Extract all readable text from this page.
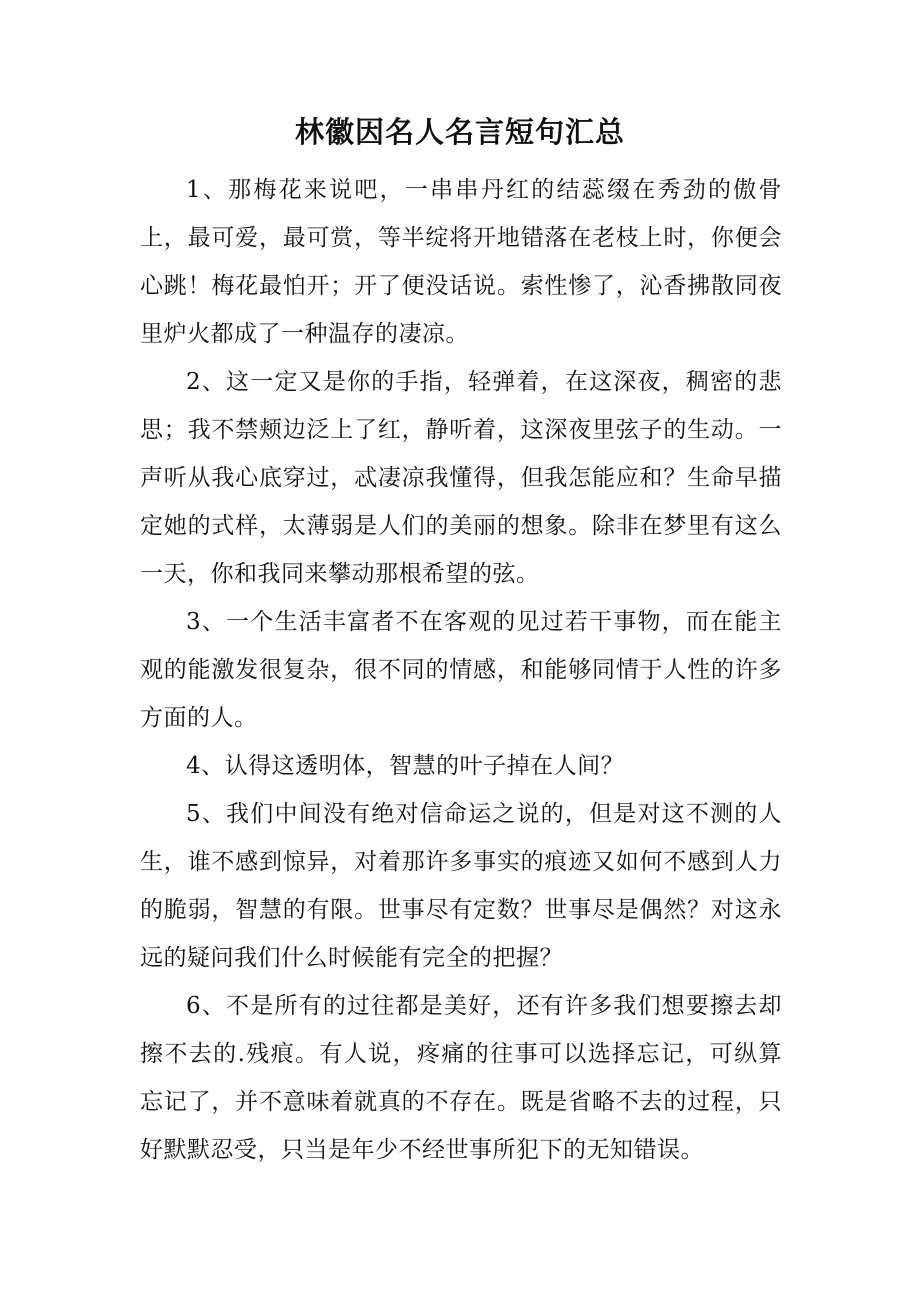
林徽因名人名言短句汇总

1、那梅花来说吧，一串串丹红的结蕊缀在秀劲的傲骨上，最可爱，最可赏，等半绽将开地错落在老枝上时，你便会心跳！梅花最怕开；开了便没话说。索性惨了，沁香拂散同夜里炉火都成了一种温存的凄凉。

2、这一定又是你的手指，轻弹着，在这深夜，稠密的悲思；我不禁颊边泛上了红，静听着，这深夜里弦子的生动。一声听从我心底穿过，忒凄凉我懂得，但我怎能应和？生命早描定她的式样，太薄弱是人们的美丽的想象。除非在梦里有这么一天，你和我同来攀动那根希望的弦。

3、一个生活丰富者不在客观的见过若干事物，而在能主观的能激发很复杂，很不同的情感，和能够同情于人性的许多方面的人。

4、认得这透明体，智慧的叶子掉在人间？

5、我们中间没有绝对信命运之说的，但是对这不测的人生，谁不感到惊异，对着那许多事实的痕迹又如何不感到人力的脆弱，智慧的有限。世事尽有定数？世事尽是偶然？对这永远的疑问我们什么时候能有完全的把握？

6、不是所有的过往都是美好，还有许多我们想要擦去却擦不去的.残痕。有人说，疼痛的往事可以选择忘记，可纵算忘记了，并不意味着就真的不存在。既是省略不去的过程，只好默默忍受，只当是年少不经世事所犯下的无知错误。
